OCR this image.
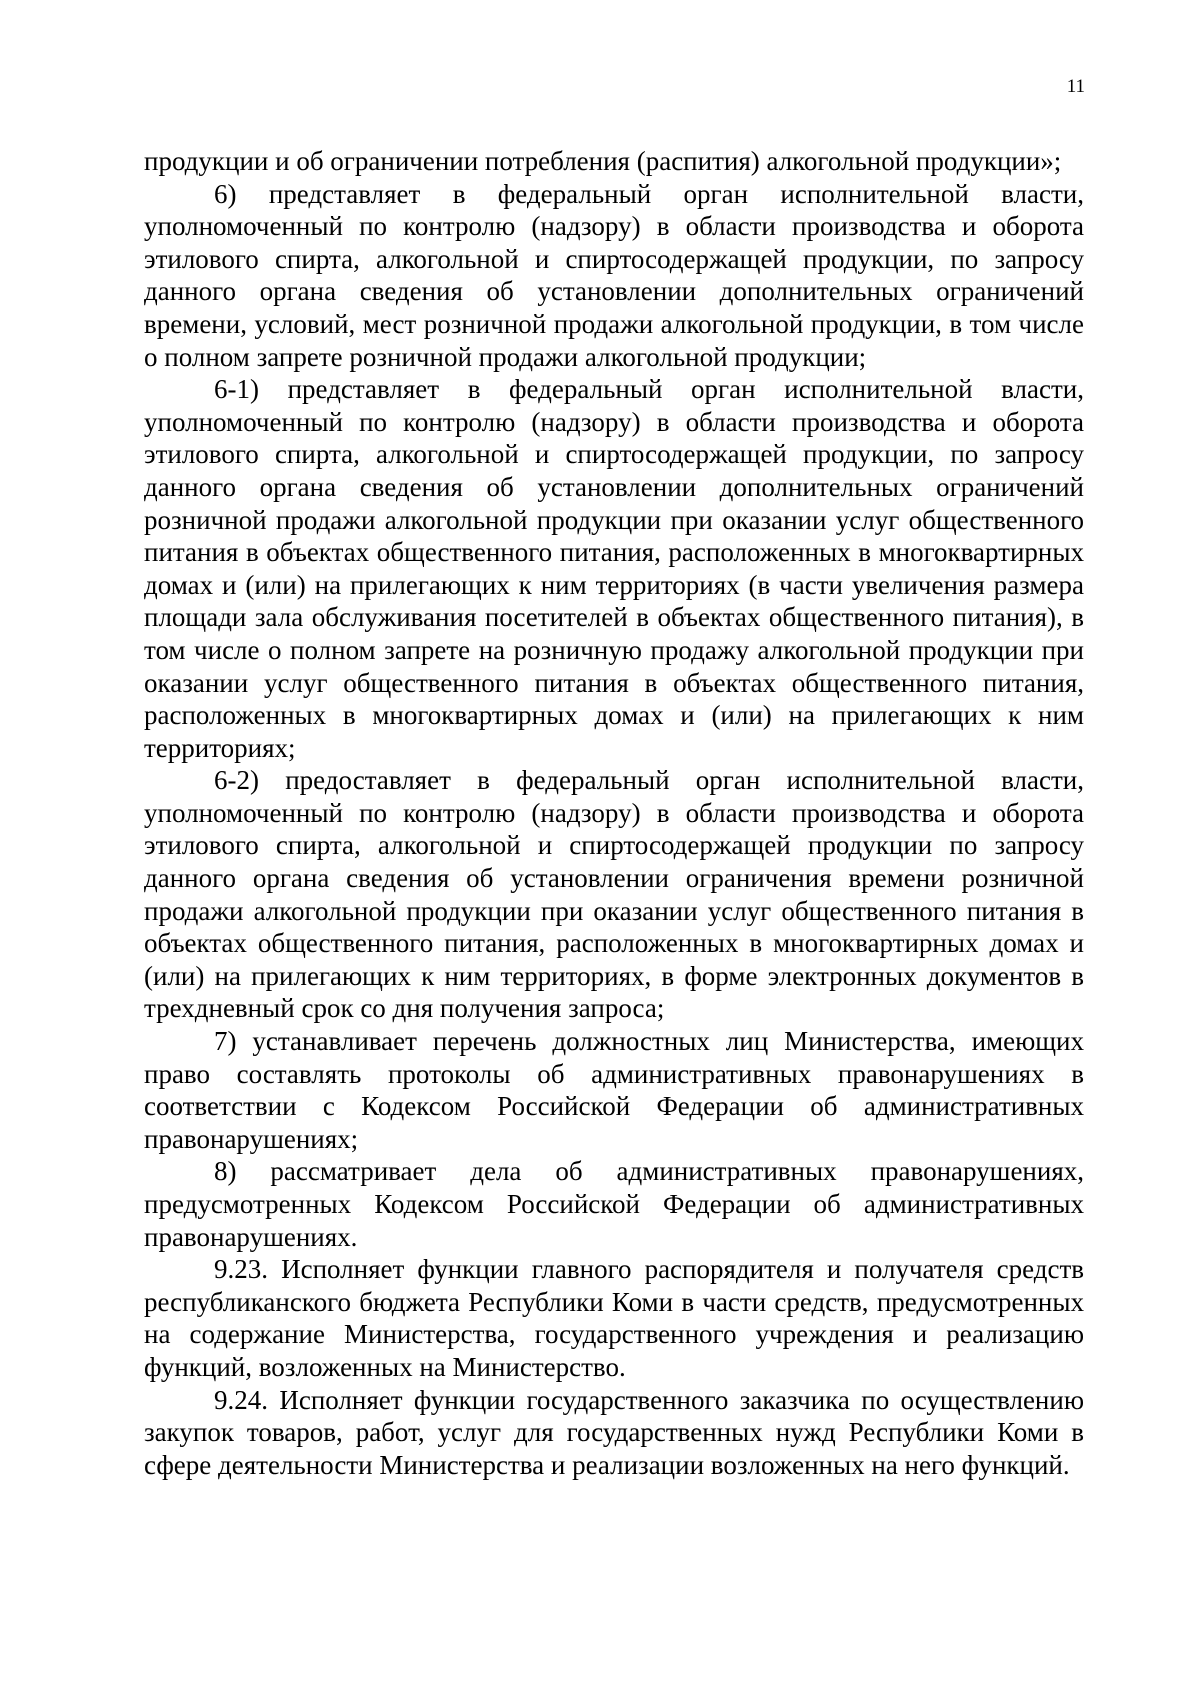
11

продукции и об ограничении потребления (распития) алкогольной продукции»;

6) представляет в федеральный орган исполнительной власти, уполномоченный по контролю (надзору) в области производства и оборота этилового спирта, алкогольной и спиртосодержащей продукции, по запросу данного органа сведения об установлении дополнительных ограничений времени, условий, мест розничной продажи алкогольной продукции, в том числе о полном запрете розничной продажи алкогольной продукции;

6-1) представляет в федеральный орган исполнительной власти, уполномоченный по контролю (надзору) в области производства и оборота этилового спирта, алкогольной и спиртосодержащей продукции, по запросу данного органа сведения об установлении дополнительных ограничений розничной продажи алкогольной продукции при оказании услуг общественного питания в объектах общественного питания, расположенных в многоквартирных домах и (или) на прилегающих к ним территориях (в части увеличения размера площади зала обслуживания посетителей в объектах общественного питания), в том числе о полном запрете на розничную продажу алкогольной продукции при оказании услуг общественного питания в объектах общественного питания, расположенных в многоквартирных домах и (или) на прилегающих к ним территориях;

6-2) предоставляет в федеральный орган исполнительной власти, уполномоченный по контролю (надзору) в области производства и оборота этилового спирта, алкогольной и спиртосодержащей продукции по запросу данного органа сведения об установлении ограничения времени розничной продажи алкогольной продукции при оказании услуг общественного питания в объектах общественного питания, расположенных в многоквартирных домах и (или) на прилегающих к ним территориях, в форме электронных документов в трехдневный срок со дня получения запроса;

7) устанавливает перечень должностных лиц Министерства, имеющих право составлять протоколы об административных правонарушениях в соответствии с Кодексом Российской Федерации об административных правонарушениях;

8) рассматривает дела об административных правонарушениях, предусмотренных Кодексом Российской Федерации об административных правонарушениях.

9.23. Исполняет функции главного распорядителя и получателя средств республиканского бюджета Республики Коми в части средств, предусмотренных на содержание Министерства, государственного учреждения и реализацию функций, возложенных на Министерство.

9.24. Исполняет функции государственного заказчика по осуществлению закупок товаров, работ, услуг для государственных нужд Республики Коми в сфере деятельности Министерства и реализации возложенных на него функций.
